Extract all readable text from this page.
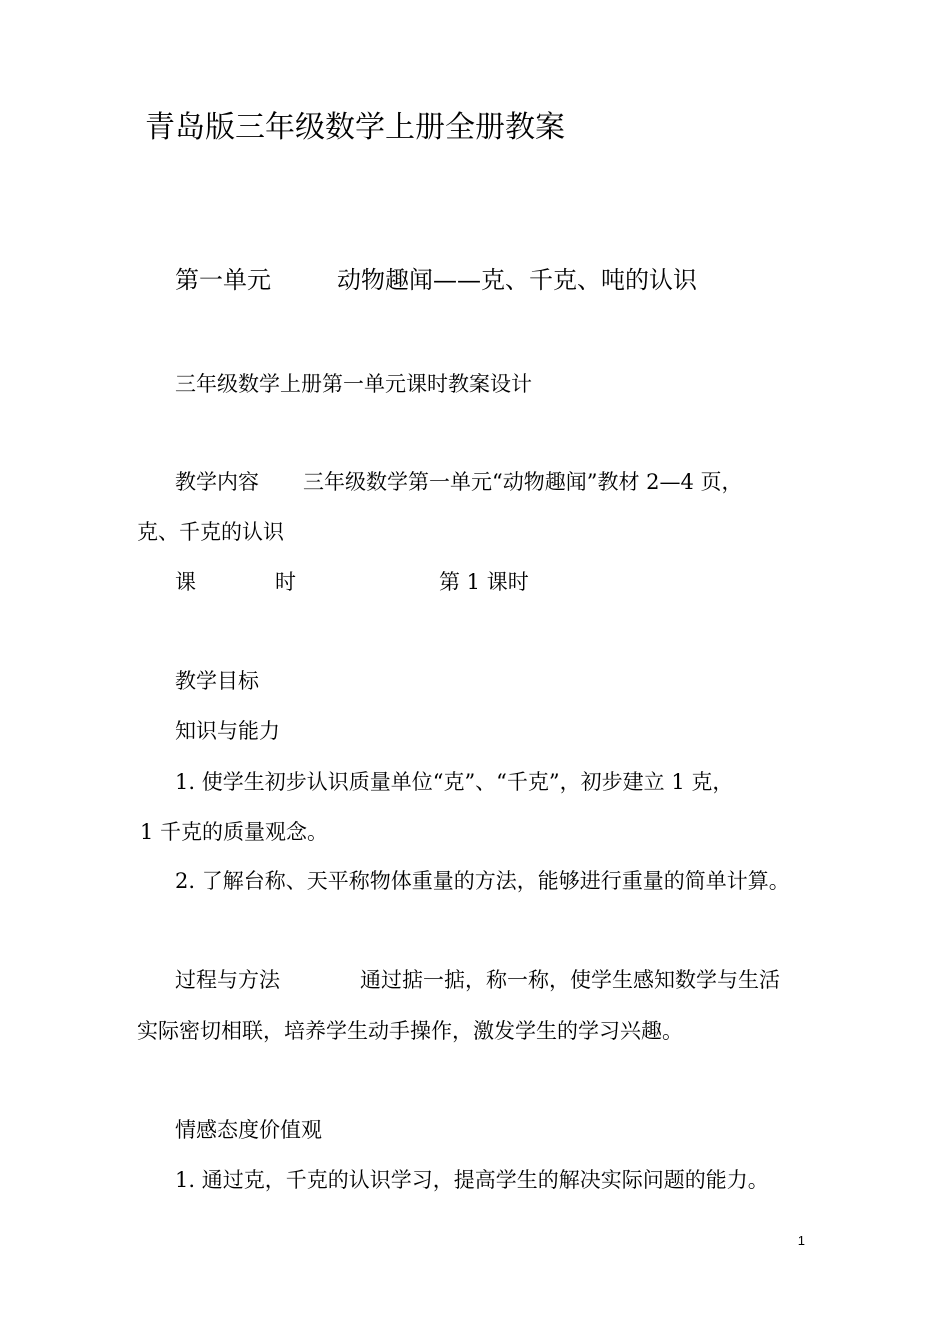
青岛版三年级数学上册全册教案
第一单元	动物趣闻——克、千克、吨的认识
三年级数学上册第一单元课时教案设计
教学内容 三年级数学第一单元“动物趣闻”教材 2—4 页，
克、千克的认识
课	时	第 1 课时
教学目标
知识与能力
1. 使学生初步认识质量单位“克”、“千克”，初步建立 1 克，
1 千克的质量观念。
2. 了解台称、天平称物体重量的方法，能够进行重量的简单计算。
过程与方法	通过掂一掂，称一称，使学生感知数学与生活
实际密切相联，培养学生动手操作，激发学生的学习兴趣。
情感态度价值观
1. 通过克，千克的认识学习，提高学生的解决实际问题的能力。
1
